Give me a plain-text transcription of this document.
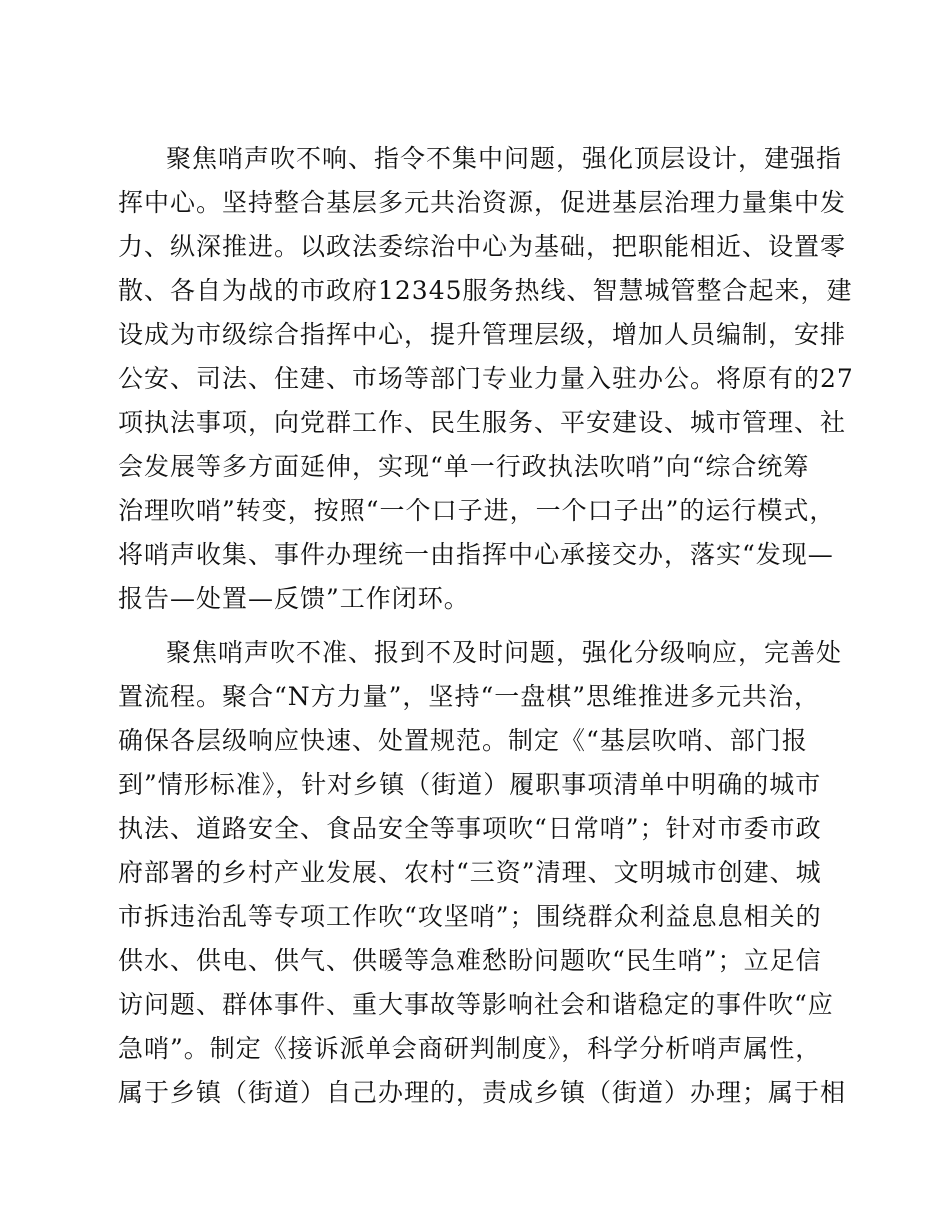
聚焦哨声吹不响、指令不集中问题，强化顶层设计，建强指
挥中心。坚持整合基层多元共治资源，促进基层治理力量集中发
力、纵深推进。以政法委综治中心为基础，把职能相近、设置零
散、各自为战的市政府12345服务热线、智慧城管整合起来，建
设成为市级综合指挥中心，提升管理层级，增加人员编制，安排
公安、司法、住建、市场等部门专业力量入驻办公。将原有的27
项执法事项，向党群工作、民生服务、平安建设、城市管理、社
会发展等多方面延伸，实现“单一行政执法吹哨”向“综合统筹
治理吹哨”转变，按照“一个口子进，一个口子出”的运行模式，
将哨声收集、事件办理统一由指挥中心承接交办，落实“发现—
报告—处置—反馈”工作闭环。
聚焦哨声吹不准、报到不及时问题，强化分级响应，完善处
置流程。聚合“N方力量”，坚持“一盘棋”思维推进多元共治，
确保各层级响应快速、处置规范。制定《“基层吹哨、部门报
到”情形标准》，针对乡镇（街道）履职事项清单中明确的城市
执法、道路安全、食品安全等事项吹“日常哨”；针对市委市政
府部署的乡村产业发展、农村“三资”清理、文明城市创建、城
市拆违治乱等专项工作吹“攻坚哨”；围绕群众利益息息相关的
供水、供电、供气、供暖等急难愁盼问题吹“民生哨”；立足信
访问题、群体事件、重大事故等影响社会和谐稳定的事件吹“应
急哨”。制定《接诉派单会商研判制度》，科学分析哨声属性，
属于乡镇（街道）自己办理的，责成乡镇（街道）办理；属于相
